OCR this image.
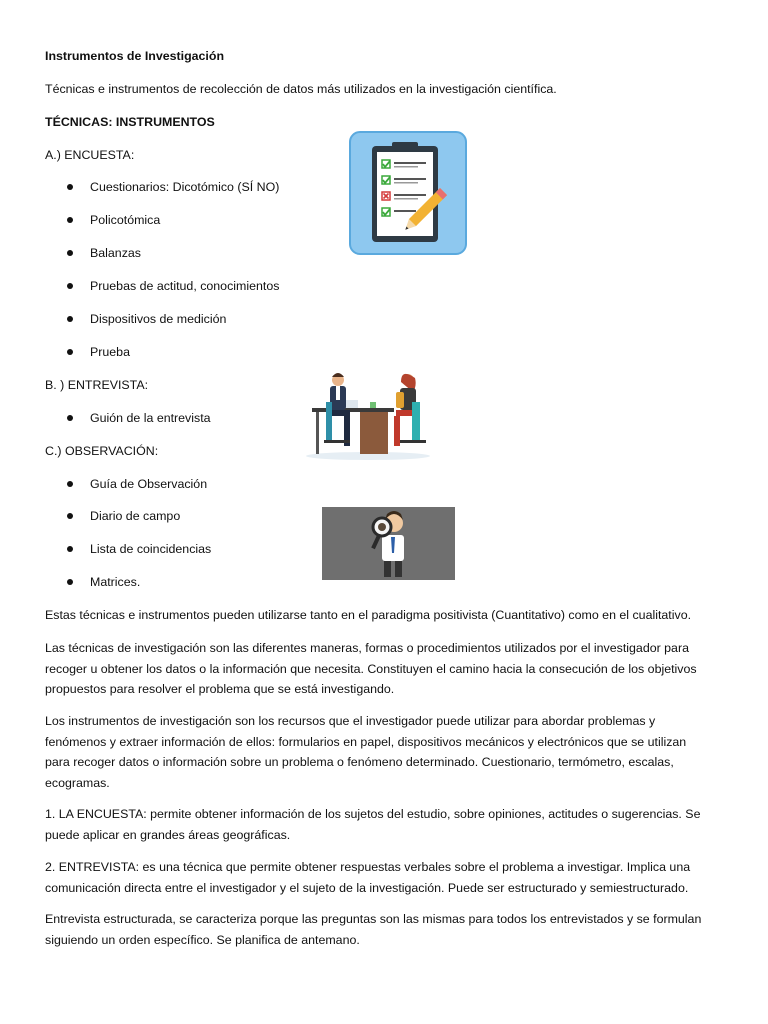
Instrumentos de Investigación
Técnicas e instrumentos de recolección de datos más utilizados en la investigación científica.
TÉCNICAS: INSTRUMENTOS
A.) ENCUESTA:
Cuestionarios: Dicotómico (SÍ NO)
Policotómica
Balanzas
Pruebas de actitud, conocimientos
Dispositivos de medición
Prueba
B. ) ENTREVISTA:
Guión de la entrevista
C.) OBSERVACIÓN:
Guía de Observación
Diario de campo
Lista de coincidencias
Matrices.
Estas técnicas e instrumentos pueden utilizarse tanto en el paradigma positivista (Cuantitativo) como en el cualitativo.
Las técnicas de investigación son las diferentes maneras, formas o procedimientos utilizados por el investigador para
recoger u obtener los datos o la información que necesita. Constituyen el camino hacia la consecución de los objetivos
propuestos para resolver el problema que se está investigando.
Los instrumentos de investigación son los recursos que el investigador puede utilizar para abordar problemas y
fenómenos y extraer información de ellos: formularios en papel, dispositivos mecánicos y electrónicos que se utilizan
para recoger datos o información sobre un problema o fenómeno determinado. Cuestionario, termómetro, escalas,
ecogramas.
1. LA ENCUESTA: permite obtener información de los sujetos del estudio, sobre opiniones, actitudes o sugerencias. Se
puede aplicar en grandes áreas geográficas.
2. ENTREVISTA: es una técnica que permite obtener respuestas verbales sobre el problema a investigar. Implica una
comunicación directa entre el investigador y el sujeto de la investigación. Puede ser estructurado y semiestructurado.
Entrevista estructurada, se caracteriza porque las preguntas son las mismas para todos los entrevistados y se formulan
siguiendo un orden específico. Se planifica de antemano.
